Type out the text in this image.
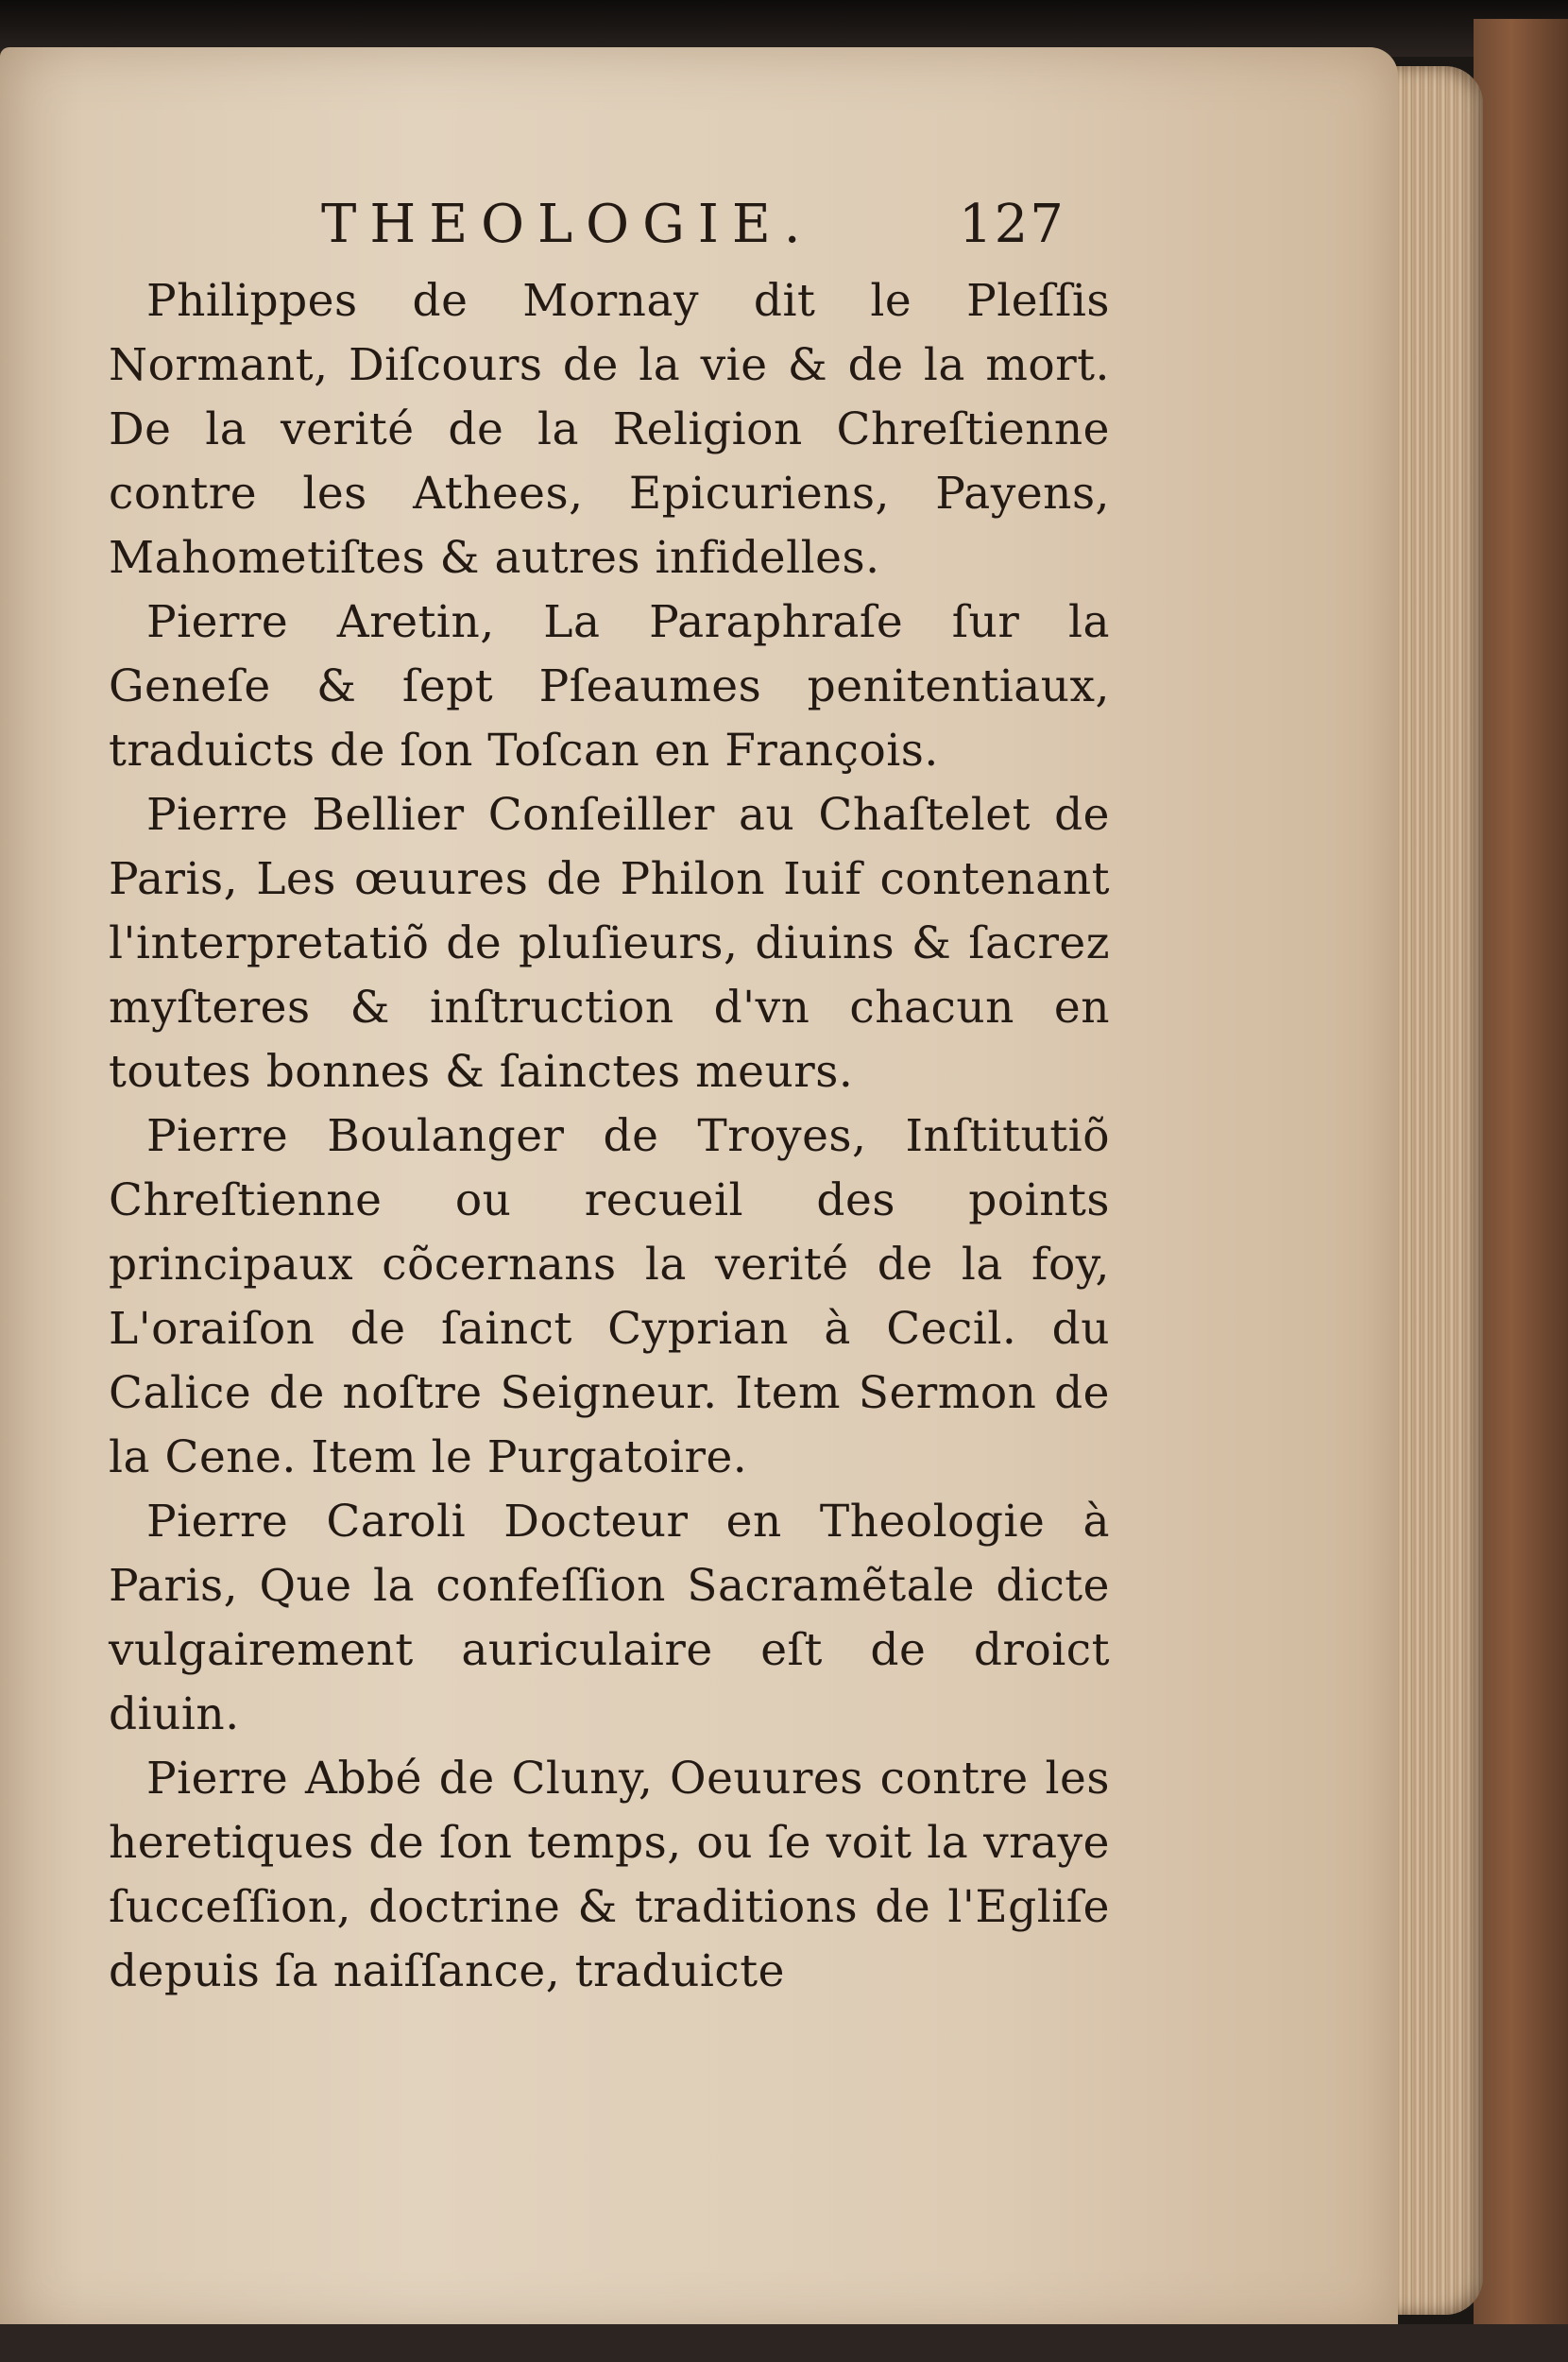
THEOLOGIE.	127

Philippes de Mornay dit le Pleſſis Normant, Diſcours de la vie & de la mort. De la verité de la Religion Chreſtienne contre les Athees, Epicuriens, Payens, Mahometiſtes & autres infidelles.

Pierre Aretin, La Paraphraſe ſur la Geneſe & ſept Pſeaumes penitentiaux, traduicts de ſon Toſcan en François.

Pierre Bellier Conſeiller au Chaſtelet de Paris, Les œuures de Philon Iuif contenant l'interpretatiõ de pluſieurs, diuins & ſacrez myſteres & inſtruction d'vn chacun en toutes bonnes & ſainctes meurs.

Pierre Boulanger de Troyes, Inſtitutiõ Chreſtienne ou recueil des points principaux cõcernans la verité de la foy, L'oraiſon de ſainct Cyprian à Cecil. du Calice de noſtre Seigneur. Item Sermon de la Cene. Item le Purgatoire.

Pierre Caroli Docteur en Theologie à Paris, Que la confeſſion Sacramẽtale dicte vulgairement auriculaire eſt de droict diuin.

Pierre Abbé de Cluny, Oeuures contre les heretiques de ſon temps, ou ſe voit la vraye ſucceſſion, doctrine & traditions de l'Egliſe depuis ſa naiſſance, traduicte
